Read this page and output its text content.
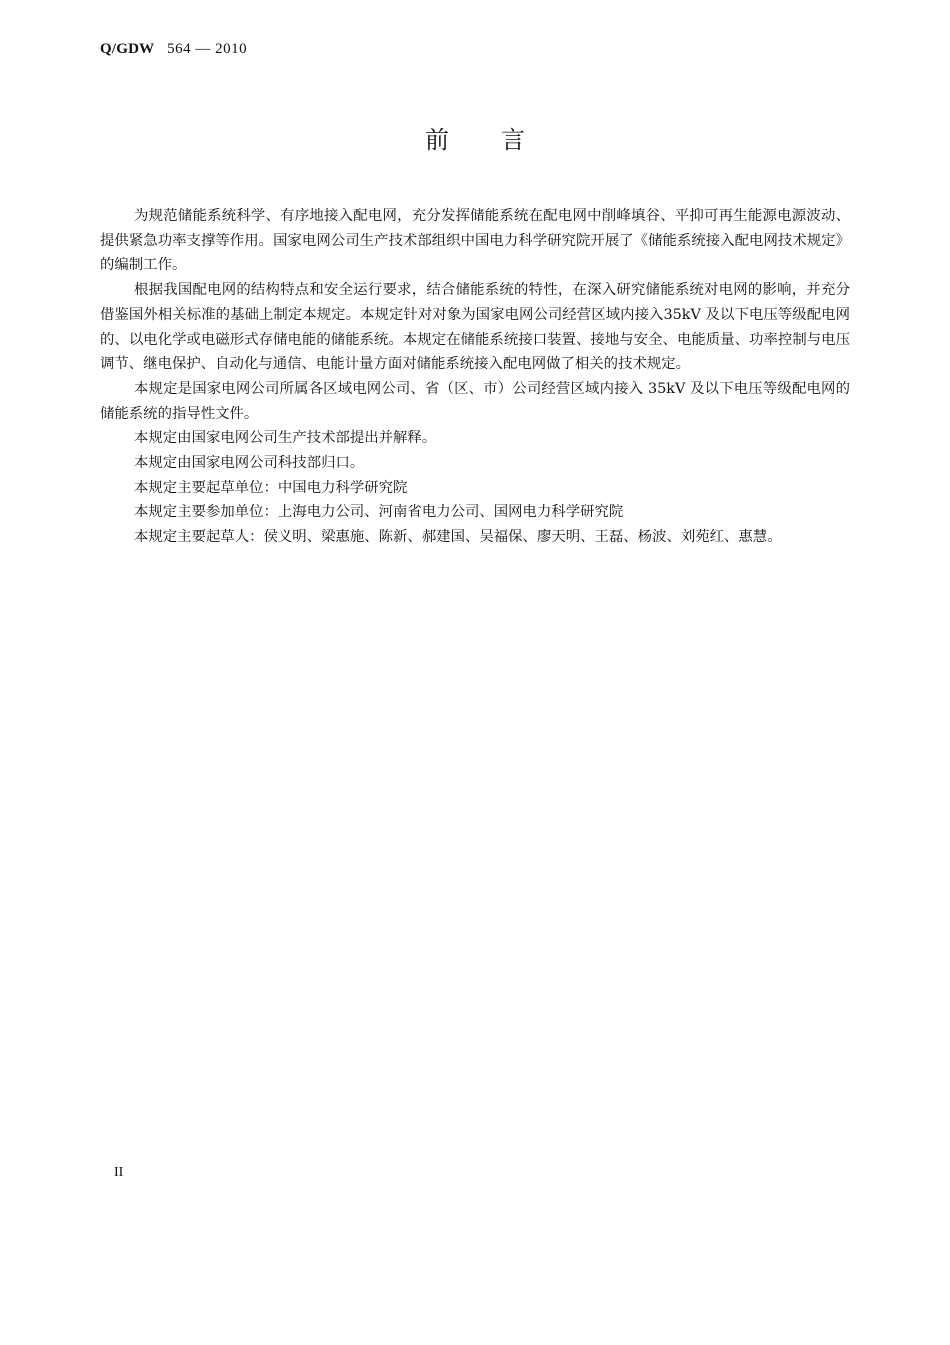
Q/GDW 564 — 2010
前言

为规范储能系统科学、有序地接入配电网，充分发挥储能系统在配电网中削峰填谷、平抑可再生能源电源波动、提供紧急功率支撑等作用。国家电网公司生产技术部组织中国电力科学研究院开展了《储能系统接入配电网技术规定》的编制工作。

根据我国配电网的结构特点和安全运行要求，结合储能系统的特性，在深入研究储能系统对电网的影响，并充分借鉴国外相关标准的基础上制定本规定。本规定针对对象为国家电网公司经营区域内接入35kV 及以下电压等级配电网的、以电化学或电磁形式存储电能的储能系统。本规定在储能系统接口装置、接地与安全、电能质量、功率控制与电压调节、继电保护、自动化与通信、电能计量方面对储能系统接入配电网做了相关的技术规定。

本规定是国家电网公司所属各区域电网公司、省（区、市）公司经营区域内接入 35kV 及以下电压等级配电网的储能系统的指导性文件。

本规定由国家电网公司生产技术部提出并解释。

本规定由国家电网公司科技部归口。

本规定主要起草单位：中国电力科学研究院

本规定主要参加单位：上海电力公司、河南省电力公司、国网电力科学研究院

本规定主要起草人：侯义明、梁惠施、陈新、郝建国、吴福保、廖天明、王磊、杨波、刘苑红、惠慧。

II
